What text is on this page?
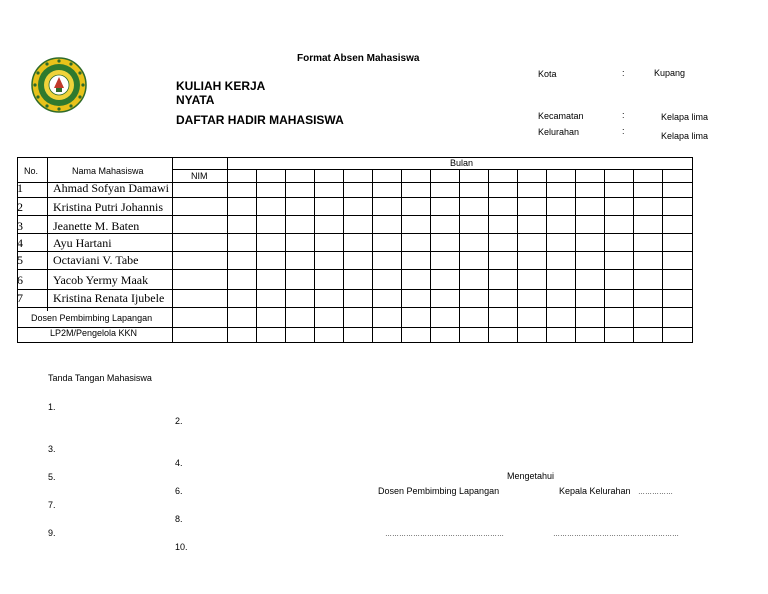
Format Absen Mahasiswa
KULIAH KERJA
NYATA
DAFTAR HADIR MAHASISWA
Kota	:	Kupang
Kecamatan	:	Kelapa lima
Kelurahan	:	Kelapa lima
No.	Nama Mahasiswa	NIM
Bulan
1	Ahmad Sofyan Damawi
2	Kristina Putri Johannis
3	Jeanette M. Baten
4	Ayu Hartani
5	Octaviani V. Tabe
6	Yacob Yermy Maak
7	Kristina Renata Ijubele
Dosen Pembimbing Lapangan
LP2M/Pengelola KKN
Tanda Tangan Mahasiswa
1.
2.
3.
4.
5.
6.
7.
8.
9.
10.
Mengetahui
Dosen Pembimbing Lapangan	Kepala Kelurahan ……………
……………………………………………	………………………………………………
